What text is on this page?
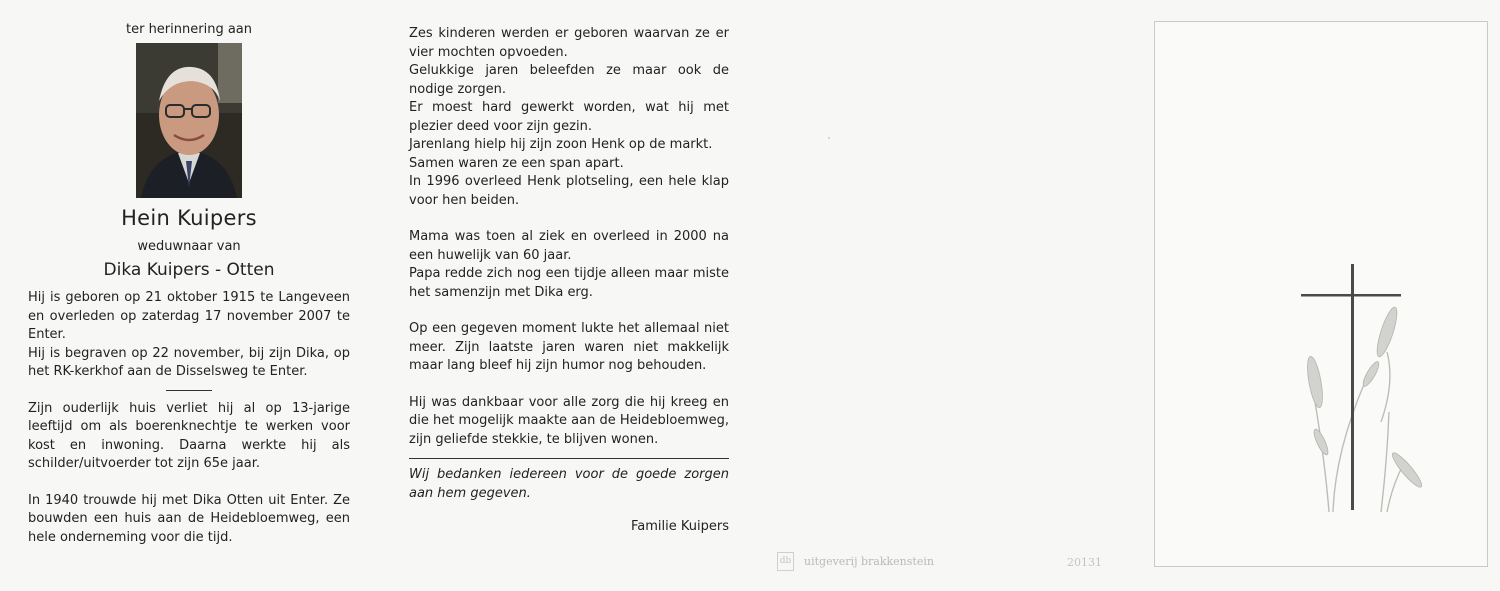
ter herinnering aan
Hein Kuipers
weduwnaar van
Dika Kuipers - Otten

Hij is geboren op 21 oktober 1915 te Langeveen en overleden op zaterdag 17 november 2007 te Enter.

Hij is begraven op 22 november, bij zijn Dika, op het RK-kerkhof aan de Disselsweg te Enter.

Zijn ouderlijk huis verliet hij al op 13-jarige leeftijd om als boerenknechtje te werken voor kost en inwoning. Daarna werkte hij als schilder/uitvoerder tot zijn 65e jaar.

In 1940 trouwde hij met Dika Otten uit Enter. Ze bouwden een huis aan de Heidebloemweg, een hele onderneming voor die tijd.

Zes kinderen werden er geboren waarvan ze er vier mochten opvoeden.

Gelukkige jaren beleefden ze maar ook de nodige zorgen.

Er moest hard gewerkt worden, wat hij met plezier deed voor zijn gezin.

Jarenlang hielp hij zijn zoon Henk op de markt.

Samen waren ze een span apart.

In 1996 overleed Henk plotseling, een hele klap voor hen beiden.

Mama was toen al ziek en overleed in 2000 na een huwelijk van 60 jaar.

Papa redde zich nog een tijdje alleen maar miste het samenzijn met Dika erg.

Op een gegeven moment lukte het allemaal niet meer. Zijn laatste jaren waren niet makkelijk maar lang bleef hij zijn humor nog behouden.

Hij was dankbaar voor alle zorg die hij kreeg en die het mogelijk maakte aan de Heidebloemweg, zijn geliefde stekkie, te blijven wonen.

Wij bedanken iedereen voor de goede zorgen aan hem gegeven.

Familie Kuipers
db uitgeverij brakkenstein	20131
